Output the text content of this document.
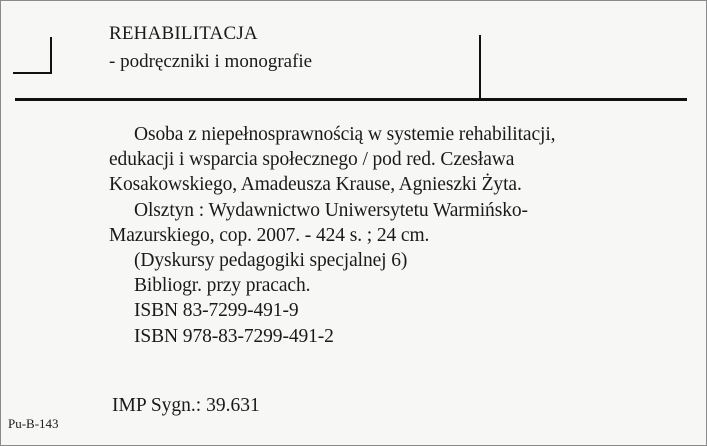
REHABILITACJA
- podręczniki i monografie
Osoba z niepełnosprawnością w systemie rehabilitacji,
edukacji i wsparcia społecznego / pod red. Czesława
Kosakowskiego, Amadeusza Krause, Agnieszki Żyta.
Olsztyn : Wydawnictwo Uniwersytetu Warmińsko-
Mazurskiego, cop. 2007. - 424 s. ; 24 cm.
(Dyskursy pedagogiki specjalnej 6)
Bibliogr. przy pracach.
ISBN 83-7299-491-9
ISBN 978-83-7299-491-2
IMP Sygn.: 39.631
Pu-B-143
